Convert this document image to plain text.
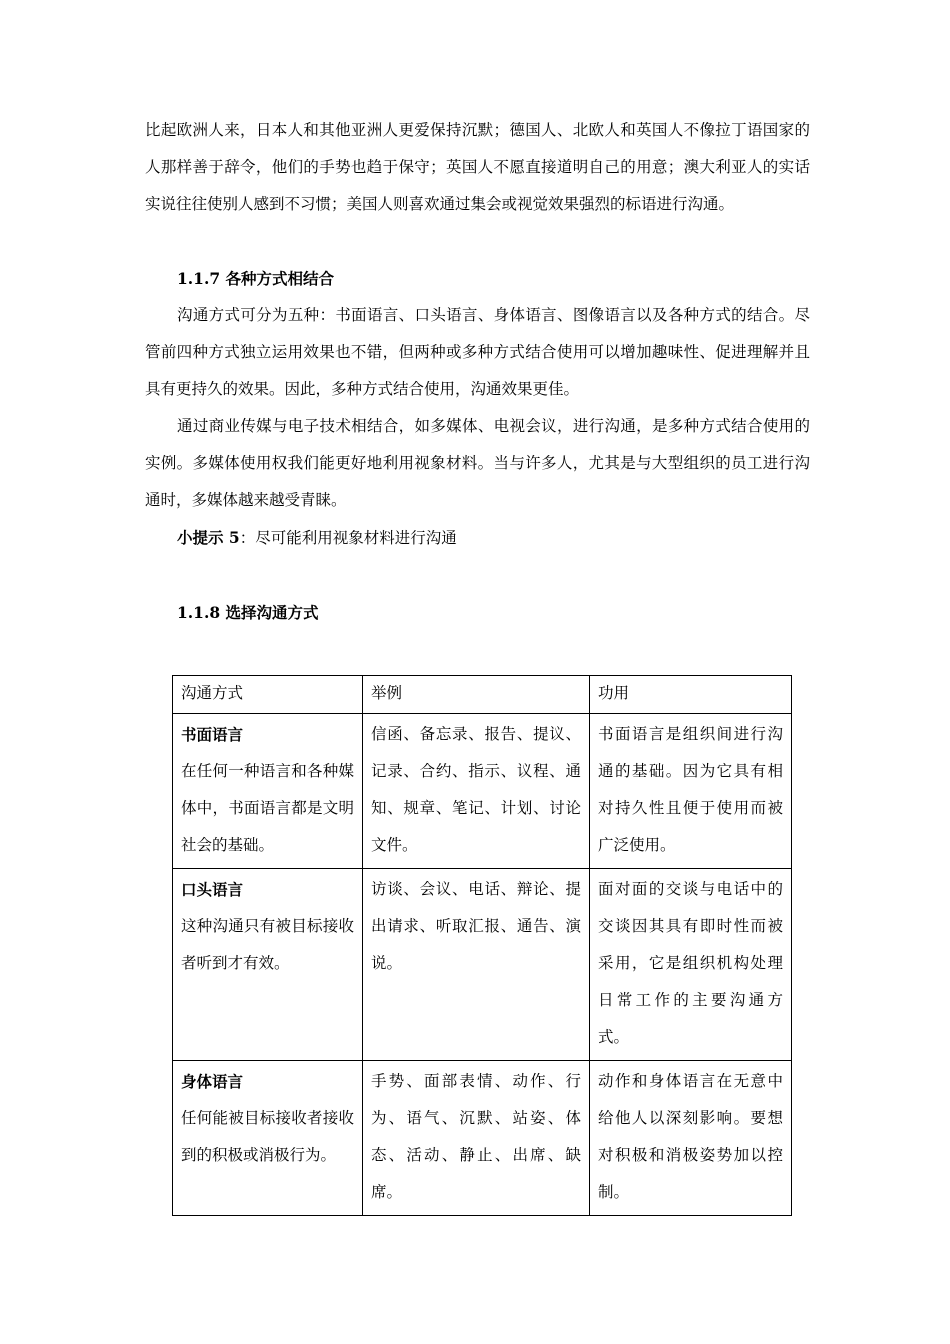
比起欧洲人来，日本人和其他亚洲人更爱保持沉默；德国人、北欧人和英国人不像拉丁语国家的人那样善于辞令，他们的手势也趋于保守；英国人不愿直接道明自己的用意；澳大利亚人的实话实说往往使别人感到不习惯；美国人则喜欢通过集会或视觉效果强烈的标语进行沟通。

1.1.7 各种方式相结合

沟通方式可分为五种：书面语言、口头语言、身体语言、图像语言以及各种方式的结合。尽管前四种方式独立运用效果也不错，但两种或多种方式结合使用可以增加趣味性、促进理解并且具有更持久的效果。因此，多种方式结合使用，沟通效果更佳。

通过商业传媒与电子技术相结合，如多媒体、电视会议，进行沟通，是多种方式结合使用的实例。多媒体使用权我们能更好地利用视象材料。当与许多人，尤其是与大型组织的员工进行沟通时，多媒体越来越受青睐。

小提示 5：尽可能利用视象材料进行沟通

1.1.8 选择沟通方式

沟通方式	举例	功用

书面语言
在任何一种语言和各种媒体中，书面语言都是文明社会的基础。	信函、备忘录、报告、提议、记录、合约、指示、议程、通知、规章、笔记、计划、讨论文件。	书面语言是组织间进行沟通的基础。因为它具有相对持久性且便于使用而被广泛使用。

口头语言
这种沟通只有被目标接收者听到才有效。	访谈、会议、电话、辩论、提出请求、听取汇报、通告、演说。	面对面的交谈与电话中的交谈因其具有即时性而被采用，它是组织机构处理日常工作的主要沟通方式。

身体语言
任何能被目标接收者接收到的积极或消极行为。	手势、面部表情、动作、行为、语气、沉默、站姿、体态、活动、静止、出席、缺席。	动作和身体语言在无意中给他人以深刻影响。要想对积极和消极姿势加以控制。
